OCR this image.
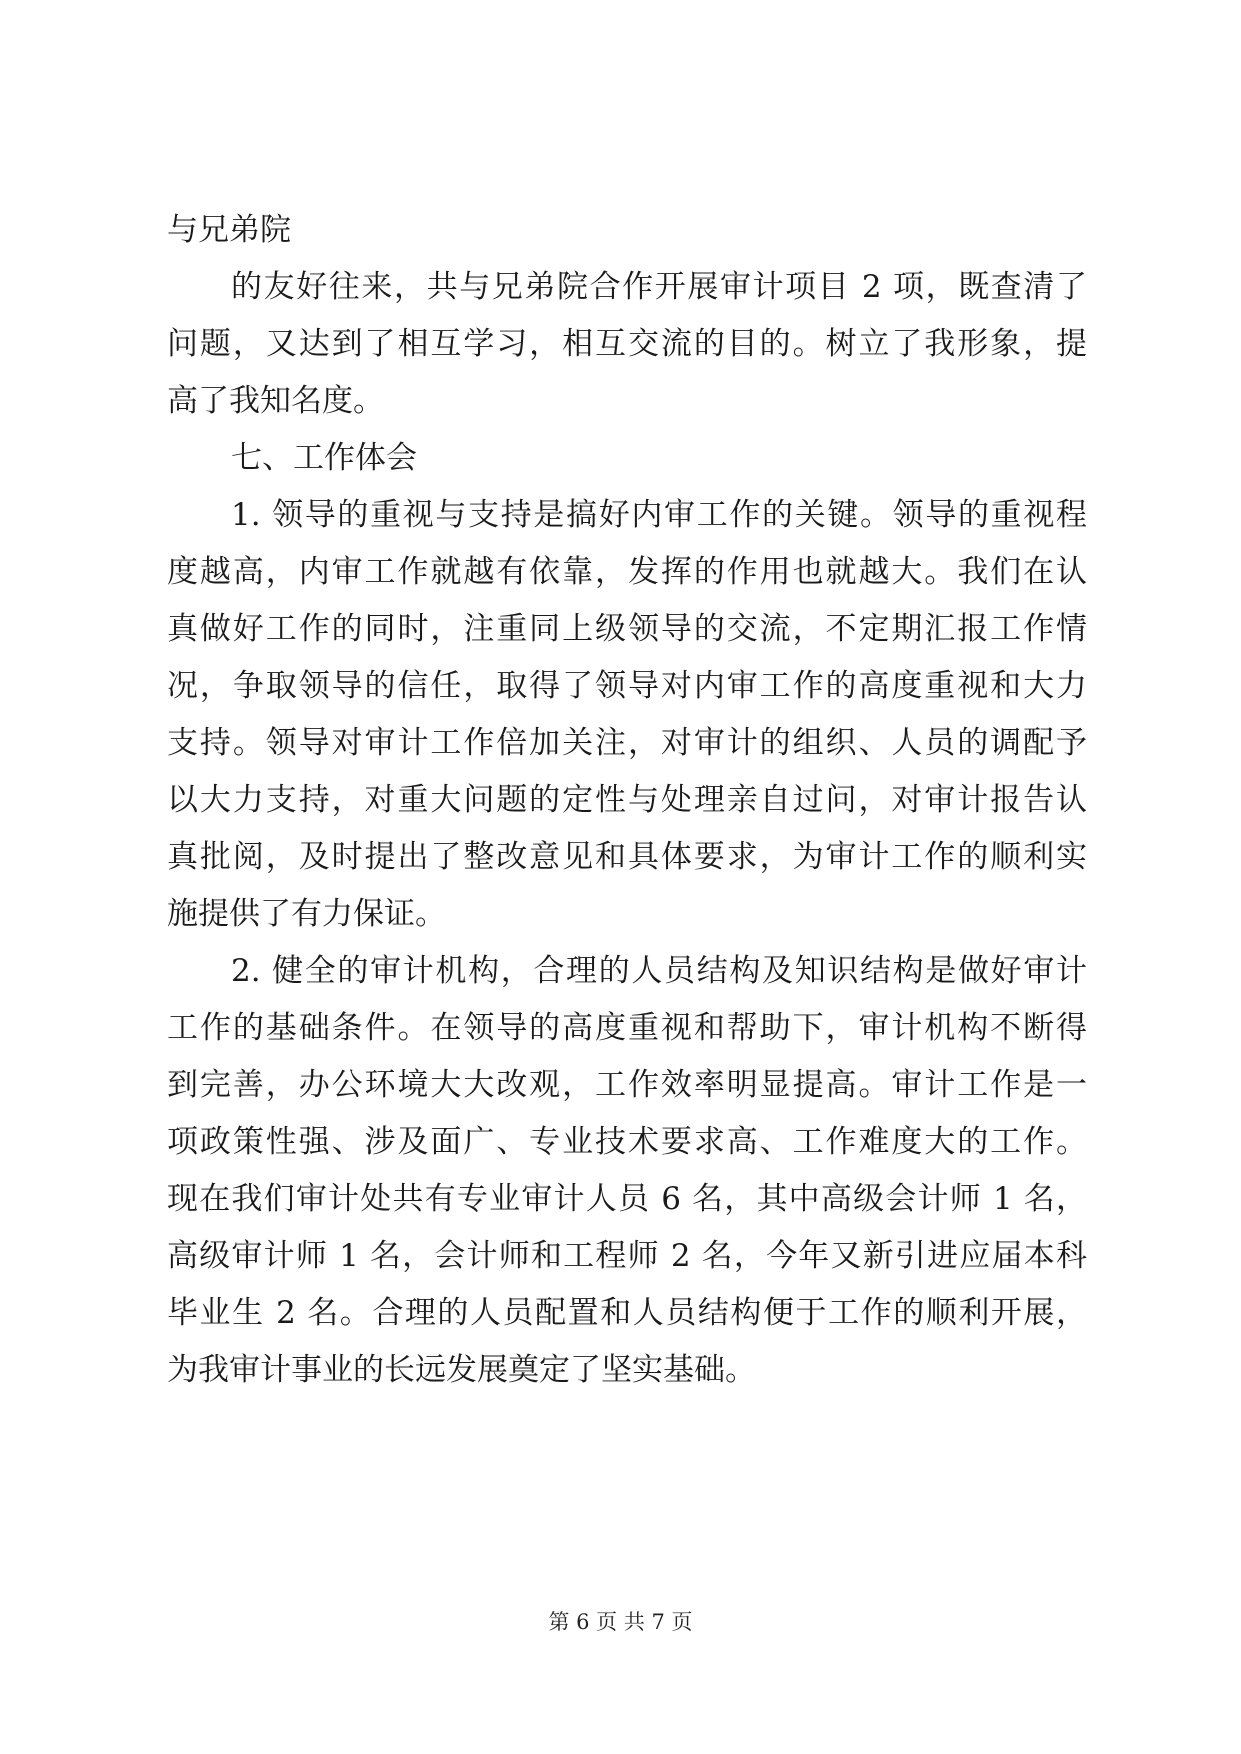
与兄弟院
的友好往来，共与兄弟院合作开展审计项目 2 项，既查清了
问题，又达到了相互学习，相互交流的目的。树立了我形象，提
高了我知名度。
七、工作体会
1. 领导的重视与支持是搞好内审工作的关键。领导的重视程
度越高，内审工作就越有依靠，发挥的作用也就越大。我们在认
真做好工作的同时，注重同上级领导的交流，不定期汇报工作情
况，争取领导的信任，取得了领导对内审工作的高度重视和大力
支持。领导对审计工作倍加关注，对审计的组织、人员的调配予
以大力支持，对重大问题的定性与处理亲自过问，对审计报告认
真批阅，及时提出了整改意见和具体要求，为审计工作的顺利实
施提供了有力保证。
2. 健全的审计机构，合理的人员结构及知识结构是做好审计
工作的基础条件。在领导的高度重视和帮助下，审计机构不断得
到完善，办公环境大大改观，工作效率明显提高。审计工作是一
项政策性强、涉及面广、专业技术要求高、工作难度大的工作。
现在我们审计处共有专业审计人员 6 名，其中高级会计师 1 名，
高级审计师 1 名，会计师和工程师 2 名，今年又新引进应届本科
毕业生 2 名。合理的人员配置和人员结构便于工作的顺利开展，
为我审计事业的长远发展奠定了坚实基础。
第 6 页 共 7 页
